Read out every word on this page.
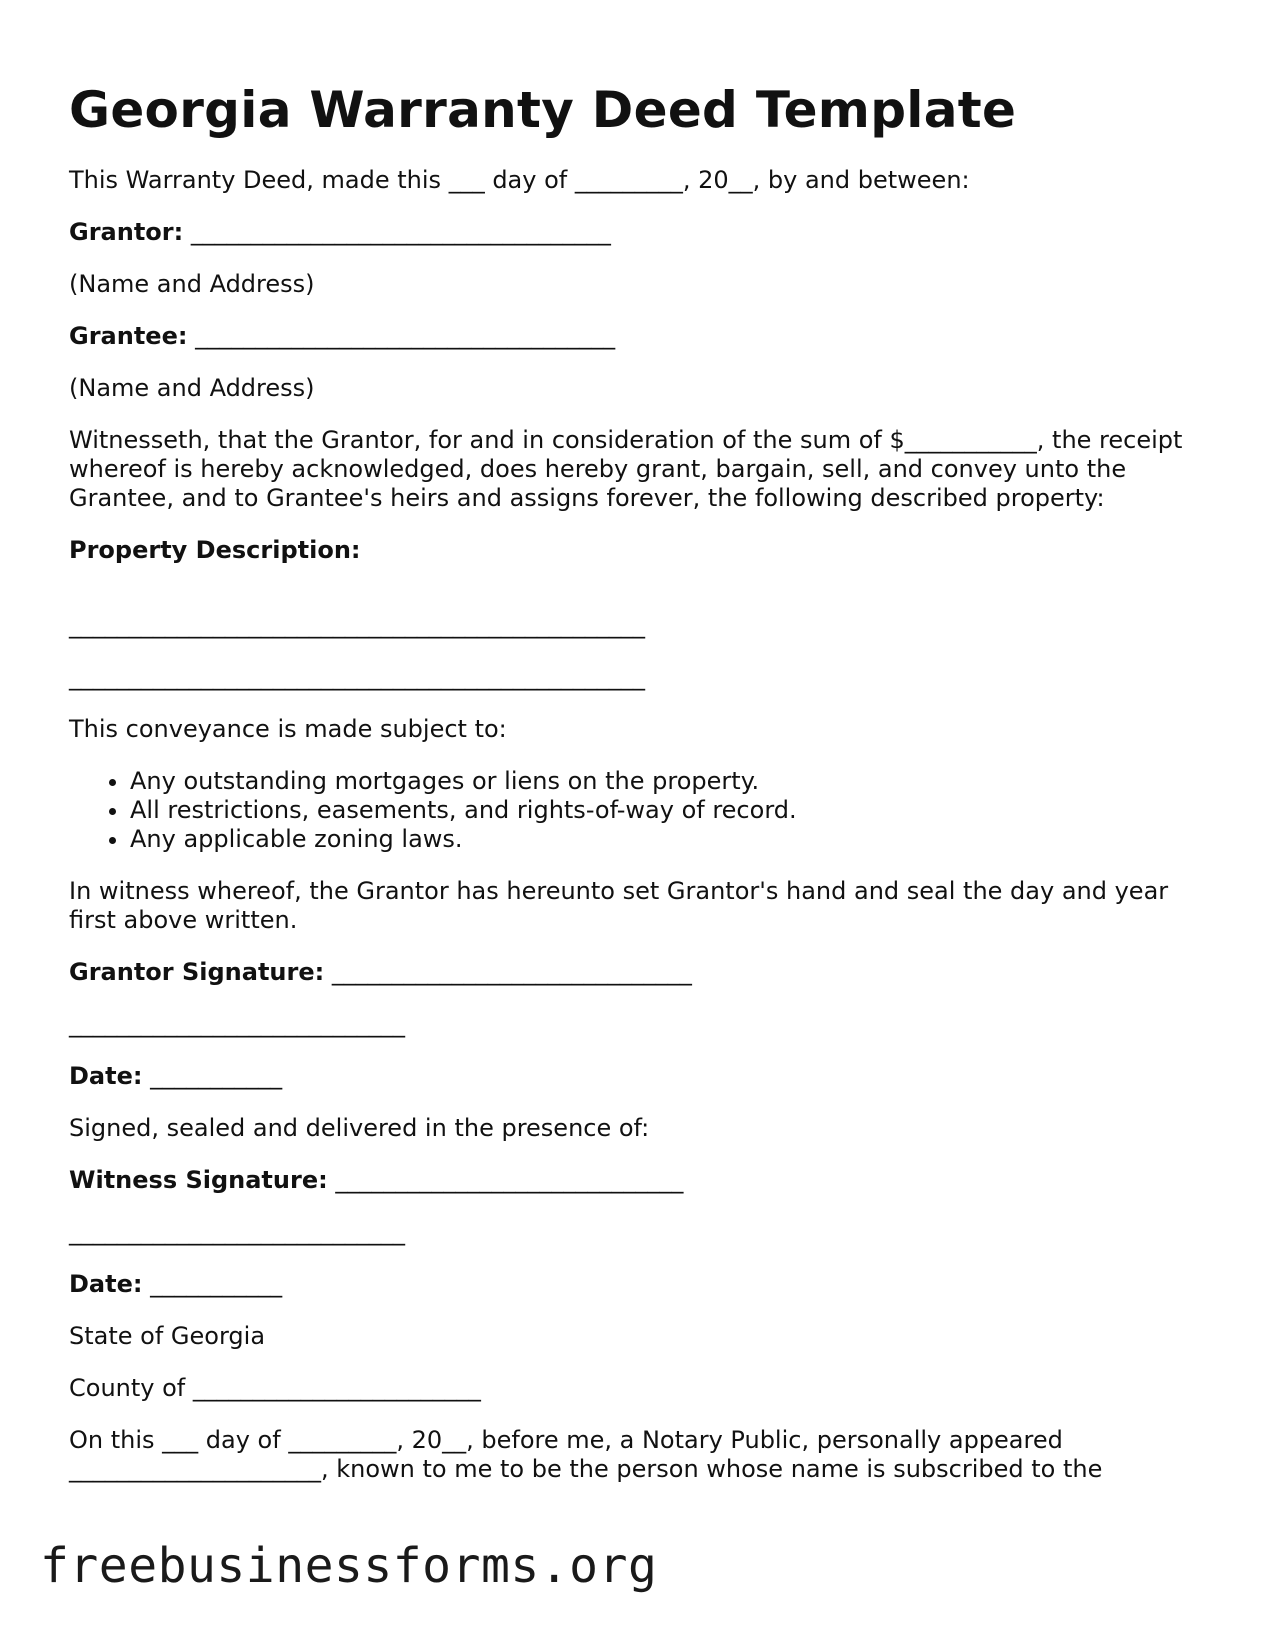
Georgia Warranty Deed Template

This Warranty Deed, made this ___ day of _________, 20__, by and between:

Grantor: ___________________________________

(Name and Address)

Grantee: ___________________________________

(Name and Address)

Witnesseth, that the Grantor, for and in consideration of the sum of $___________, the receipt whereof is hereby acknowledged, does hereby grant, bargain, sell, and convey unto the Grantee, and to Grantee's heirs and assigns forever, the following described property:

Property Description:

________________________________________________

________________________________________________

This conveyance is made subject to:

• Any outstanding mortgages or liens on the property.
• All restrictions, easements, and rights-of-way of record.
• Any applicable zoning laws.

In witness whereof, the Grantor has hereunto set Grantor's hand and seal the day and year first above written.

Grantor Signature: ______________________________

____________________________

Date: ___________

Signed, sealed and delivered in the presence of:

Witness Signature: _____________________________

____________________________

Date: ___________

State of Georgia

County of ________________________

On this ___ day of _________, 20__, before me, a Notary Public, personally appeared _____________________, known to me to be the person whose name is subscribed to the

freebusinessforms.org
